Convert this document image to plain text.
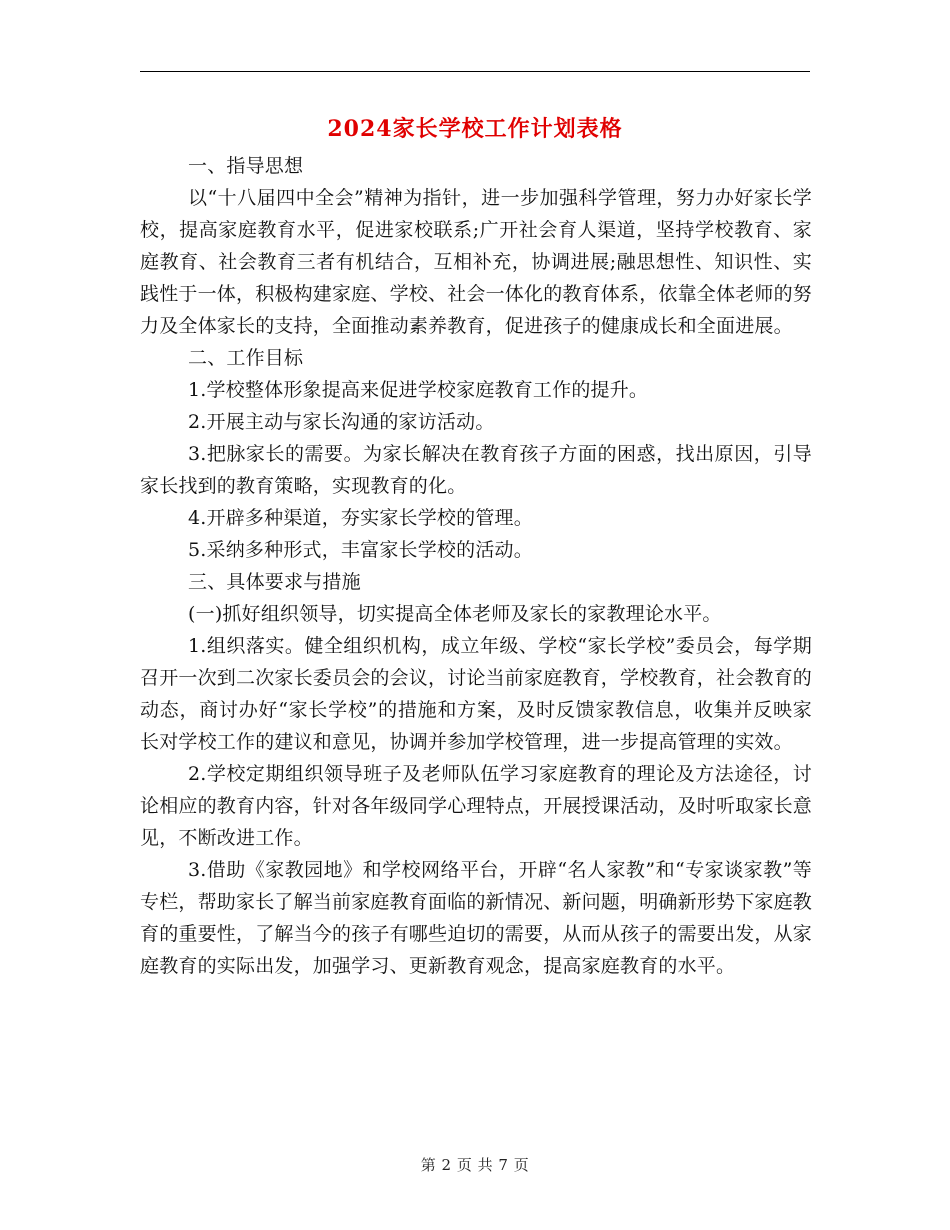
2024家长学校工作计划表格

一、指导思想

以“十八届四中全会”精神为指针，进一步加强科学管理，努力办好家长学校，提高家庭教育水平，促进家校联系;广开社会育人渠道，坚持学校教育、家庭教育、社会教育三者有机结合，互相补充，协调进展;融思想性、知识性、实践性于一体，积极构建家庭、学校、社会一体化的教育体系，依靠全体老师的努力及全体家长的支持，全面推动素养教育，促进孩子的健康成长和全面进展。

二、工作目标

1.学校整体形象提高来促进学校家庭教育工作的提升。

2.开展主动与家长沟通的家访活动。

3.把脉家长的需要。为家长解决在教育孩子方面的困惑，找出原因，引导家长找到的教育策略，实现教育的化。

4.开辟多种渠道，夯实家长学校的管理。

5.采纳多种形式，丰富家长学校的活动。

三、具体要求与措施

(一)抓好组织领导，切实提高全体老师及家长的家教理论水平。

1.组织落实。健全组织机构，成立年级、学校“家长学校”委员会，每学期召开一次到二次家长委员会的会议，讨论当前家庭教育，学校教育，社会教育的动态，商讨办好“家长学校”的措施和方案，及时反馈家教信息，收集并反映家长对学校工作的建议和意见，协调并参加学校管理，进一步提高管理的实效。

2.学校定期组织领导班子及老师队伍学习家庭教育的理论及方法途径，讨论相应的教育内容，针对各年级同学心理特点，开展授课活动，及时听取家长意见，不断改进工作。

3.借助《家教园地》和学校网络平台，开辟“名人家教”和“专家谈家教”等专栏，帮助家长了解当前家庭教育面临的新情况、新问题，明确新形势下家庭教育的重要性，了解当今的孩子有哪些迫切的需要，从而从孩子的需要出发，从家庭教育的实际出发，加强学习、更新教育观念，提高家庭教育的水平。

第 2 页 共 7 页
